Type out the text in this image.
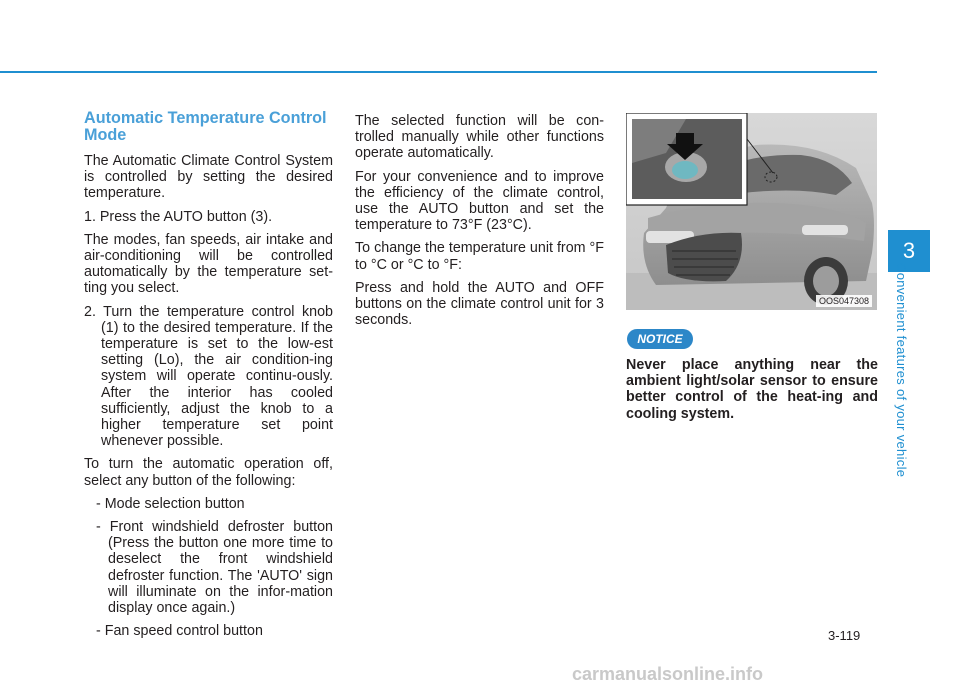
Automatic Temperature Control Mode

The Automatic Climate Control System is controlled by setting the desired temperature.

1. Press the AUTO button (3).

The modes, fan speeds, air intake and air-conditioning will be controlled automatically by the temperature set-ting you select.

2. Turn the temperature control knob (1) to the desired temperature. If the temperature is set to the low-est setting (Lo), the air condition-ing system will operate continu-ously. After the interior has cooled sufficiently, adjust the knob to a higher temperature set point whenever possible.

To turn the automatic operation off, select any button of the following:

- Mode selection button

- Front windshield defroster button (Press the button one more time to deselect the front windshield defroster function. The 'AUTO' sign will illuminate on the infor-mation display once again.)

- Fan speed control button

The selected function will be con-trolled manually while other functions operate automatically.

For your convenience and to improve the efficiency of the climate control, use the AUTO button and set the temperature to 73°F (23°C).

To change the temperature unit from °F to °C or °C to °F:

Press and hold the AUTO and OFF buttons on the climate control unit for 3 seconds.

OOS047308
NOTICE

Never place anything near the ambient light/solar sensor to ensure better control of the heat-ing and cooling system.

3
Convenient features of your vehicle
3-119
carmanualsonline.info
